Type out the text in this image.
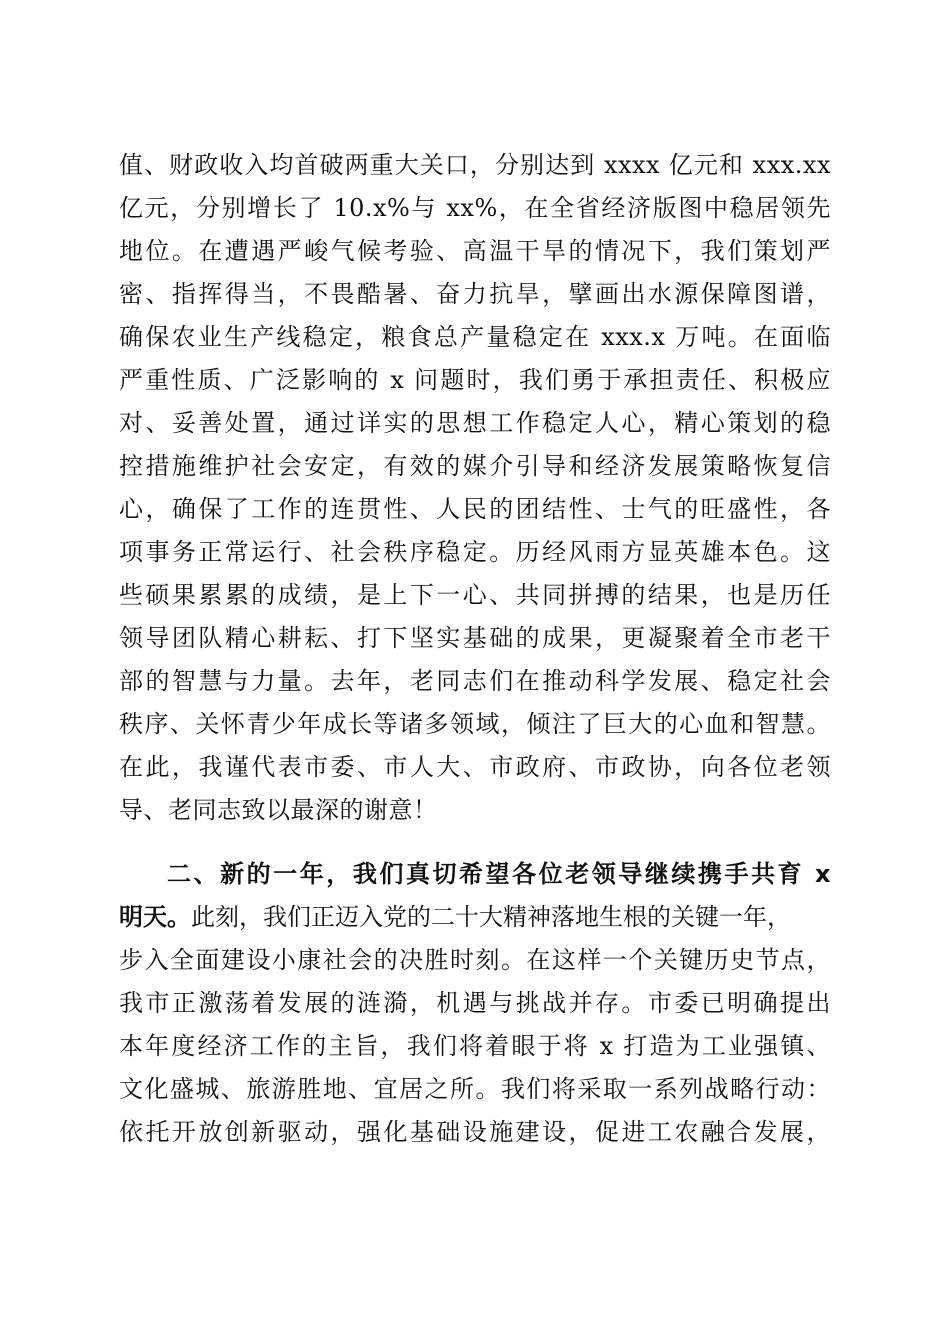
值、财政收入均首破两重大关口，分别达到 xxxx 亿元和 xxx.xx
亿元，分别增长了 10.x%与 xx%，在全省经济版图中稳居领先
地位。在遭遇严峻气候考验、高温干旱的情况下，我们策划严
密、指挥得当，不畏酷暑、奋力抗旱，擘画出水源保障图谱，
确保农业生产线稳定，粮食总产量稳定在 xxx.x 万吨。在面临
严重性质、广泛影响的 x 问题时，我们勇于承担责任、积极应
对、妥善处置，通过详实的思想工作稳定人心，精心策划的稳
控措施维护社会安定，有效的媒介引导和经济发展策略恢复信
心，确保了工作的连贯性、人民的团结性、士气的旺盛性，各
项事务正常运行、社会秩序稳定。历经风雨方显英雄本色。这
些硕果累累的成绩，是上下一心、共同拼搏的结果，也是历任
领导团队精心耕耘、打下坚实基础的成果，更凝聚着全市老干
部的智慧与力量。去年，老同志们在推动科学发展、稳定社会
秩序、关怀青少年成长等诸多领域，倾注了巨大的心血和智慧。
在此，我谨代表市委、市人大、市政府、市政协，向各位老领
导、老同志致以最深的谢意！
二、新的一年，我们真切希望各位老领导继续携手共育 x
明天。此刻，我们正迈入党的二十大精神落地生根的关键一年，
步入全面建设小康社会的决胜时刻。在这样一个关键历史节点，
我市正激荡着发展的涟漪，机遇与挑战并存。市委已明确提出
本年度经济工作的主旨，我们将着眼于将 x 打造为工业强镇、
文化盛城、旅游胜地、宜居之所。我们将采取一系列战略行动：
依托开放创新驱动，强化基础设施建设，促进工农融合发展，
